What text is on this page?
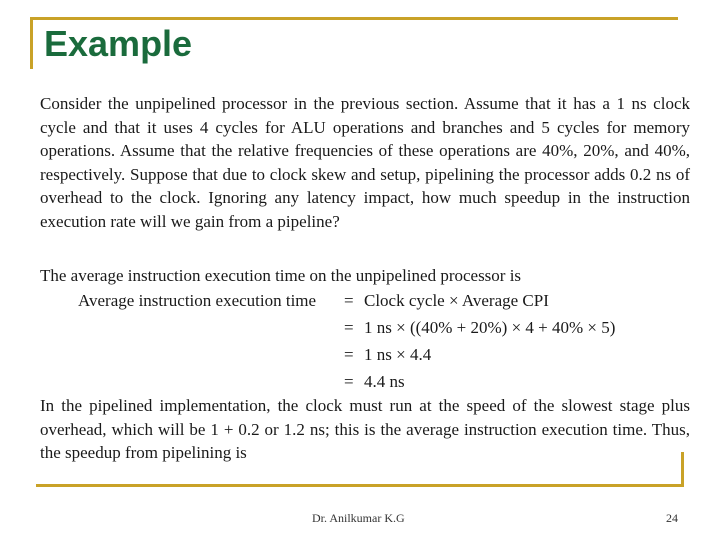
Example
Consider the unpipelined processor in the previous section. Assume that it has a 1 ns clock cycle and that it uses 4 cycles for ALU operations and branches and 5 cycles for memory operations. Assume that the relative frequencies of these operations are 40%, 20%, and 40%, respectively. Suppose that due to clock skew and setup, pipelining the processor adds 0.2 ns of overhead to the clock. Ignoring any latency impact, how much speedup in the instruction execution rate will we gain from a pipeline?
The average instruction execution time on the unpipelined processor is
Average instruction execution time = Clock cycle × Average CPI
= 1 ns × ((40% + 20%) × 4 + 40% × 5)
= 1 ns × 4.4
= 4.4 ns
In the pipelined implementation, the clock must run at the speed of the slowest stage plus overhead, which will be 1 + 0.2 or 1.2 ns; this is the average instruction execution time. Thus, the speedup from pipelining is
Dr. Anilkumar K.G	24
